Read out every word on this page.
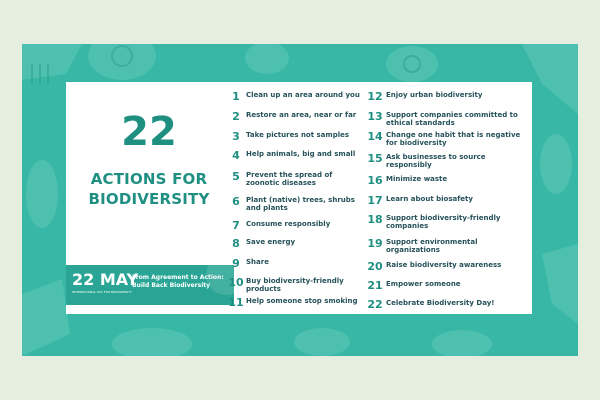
22
ACTIONS FOR
BIODIVERSITY
22 MAY
INTERNATIONAL DAY FOR BIODIVERSITY
From Agreement to Action: Build Back Biodiversity
1 Clean up an area around you
2 Restore an area, near or far
3 Take pictures not samples
4 Help animals, big and small
5 Prevent the spread of zoonotic diseases
6 Plant (native) trees, shrubs and plants
7 Consume responsibly
8 Save energy
9 Share
10 Buy biodiversity-friendly products
11 Help someone stop smoking
12 Enjoy urban biodiversity
13 Support companies committed to ethical standards
14 Change one habit that is negative for biodiversity
15 Ask businesses to source responsibly
16 Minimize waste
17 Learn about biosafety
18 Support biodiversity-friendly companies
19 Support environmental organizations
20 Raise biodiversity awareness
21 Empower someone
22 Celebrate Biodiversity Day!
